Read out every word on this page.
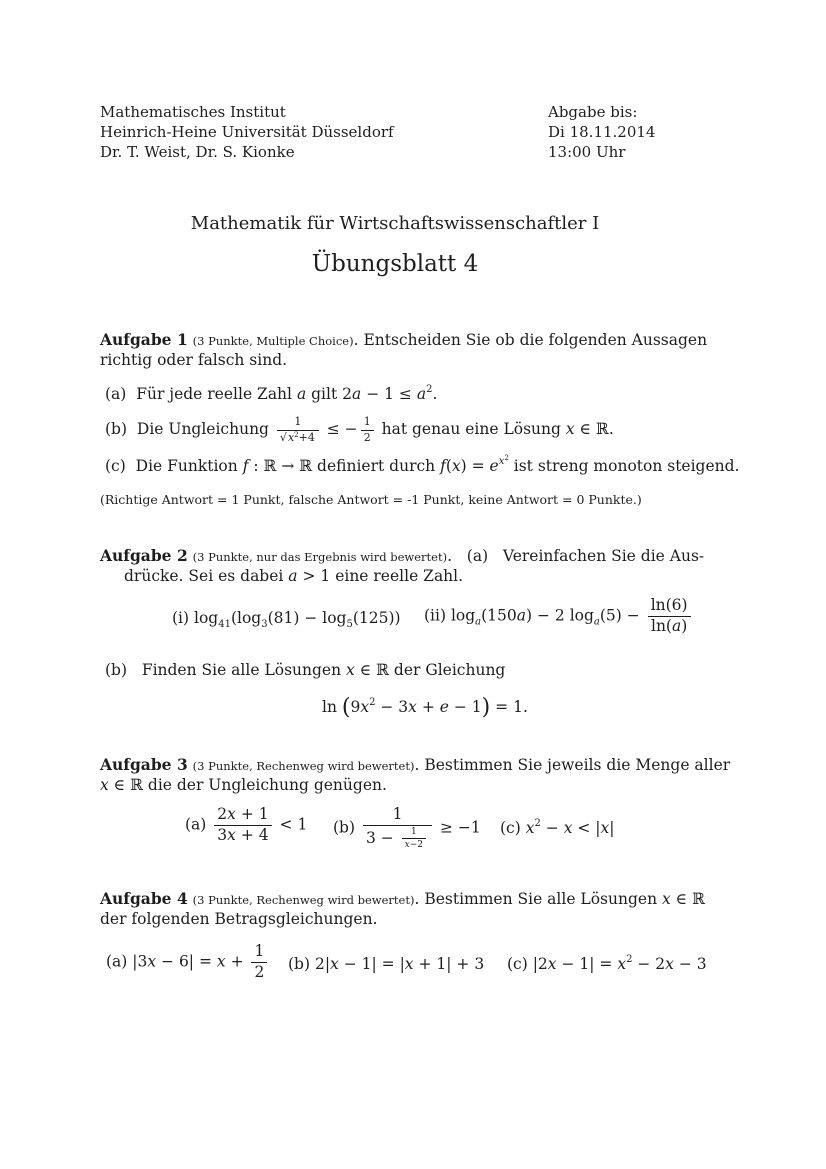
Mathematisches Institut
Heinrich-Heine Universität Düsseldorf
Dr. T. Weist, Dr. S. Kionke
Abgabe bis:
Di 18.11.2014
13:00 Uhr
Mathematik für Wirtschaftswissenschaftler I
Übungsblatt 4
Aufgabe 1 (3 Punkte, Multiple Choice). Entscheiden Sie ob die folgenden Aussagen
richtig oder falsch sind.
(a) Für jede reelle Zahl a gilt $2a - 1 \le a^2$.
(b) Die Ungleichung $\frac{1}{√x^2+4}$ ≤ − $\frac{1}{2}$ hat genau eine Lösung x ∈ ℝ.
(c) Die Funktion f : ℝ → ℝ definiert durch $f(x) = e^{x^2}$ ist streng monoton steigend.
(Richtige Antwort = 1 Punkt, falsche Antwort = -1 Punkt, keine Antwort = 0 Punkte.)
Aufgabe 2 (3 Punkte, nur das Ergebnis wird bewertet).   (a) Vereinfachen Sie die Aus-
drücke. Sei es dabei a > 1 eine reelle Zahl.
(i) $\log_{41}(\log_3(81) - \log_5(125))$ (ii) $\log_a(150a) - 2$ $\log_a(5) - \frac{\ln(6)}{\ln(a)}$
(b) Finden Sie alle Lösungen x ∈ ℝ der Gleichung
$\ln (9x^2 - 3x + e - 1) = 1$.
Aufgabe 3 (3 Punkte, Rechenweg wird bewertet). Bestimmen Sie jeweils die Menge aller
x ∈ ℝ die der Ungleichung genügen.
$(a) \frac{2x + 1}{3x + 4} < 1$ $(b) \frac{1}{3 - \frac{1}{x-2}} \ge -1$ (c) $x^2 - x < |x|$
Aufgabe 4 (3 Punkte, Rechenweg wird bewertet). Bestimmen Sie alle Lösungen x ∈ ℝ
der folgenden Betragsgleichungen.
(a) $|3x - 6| = x + \frac{1}{2} (b) 2|x - 1| = |x + 1| + 3$ (c) $|2x - 1| = x^2 - 2x - 3$
